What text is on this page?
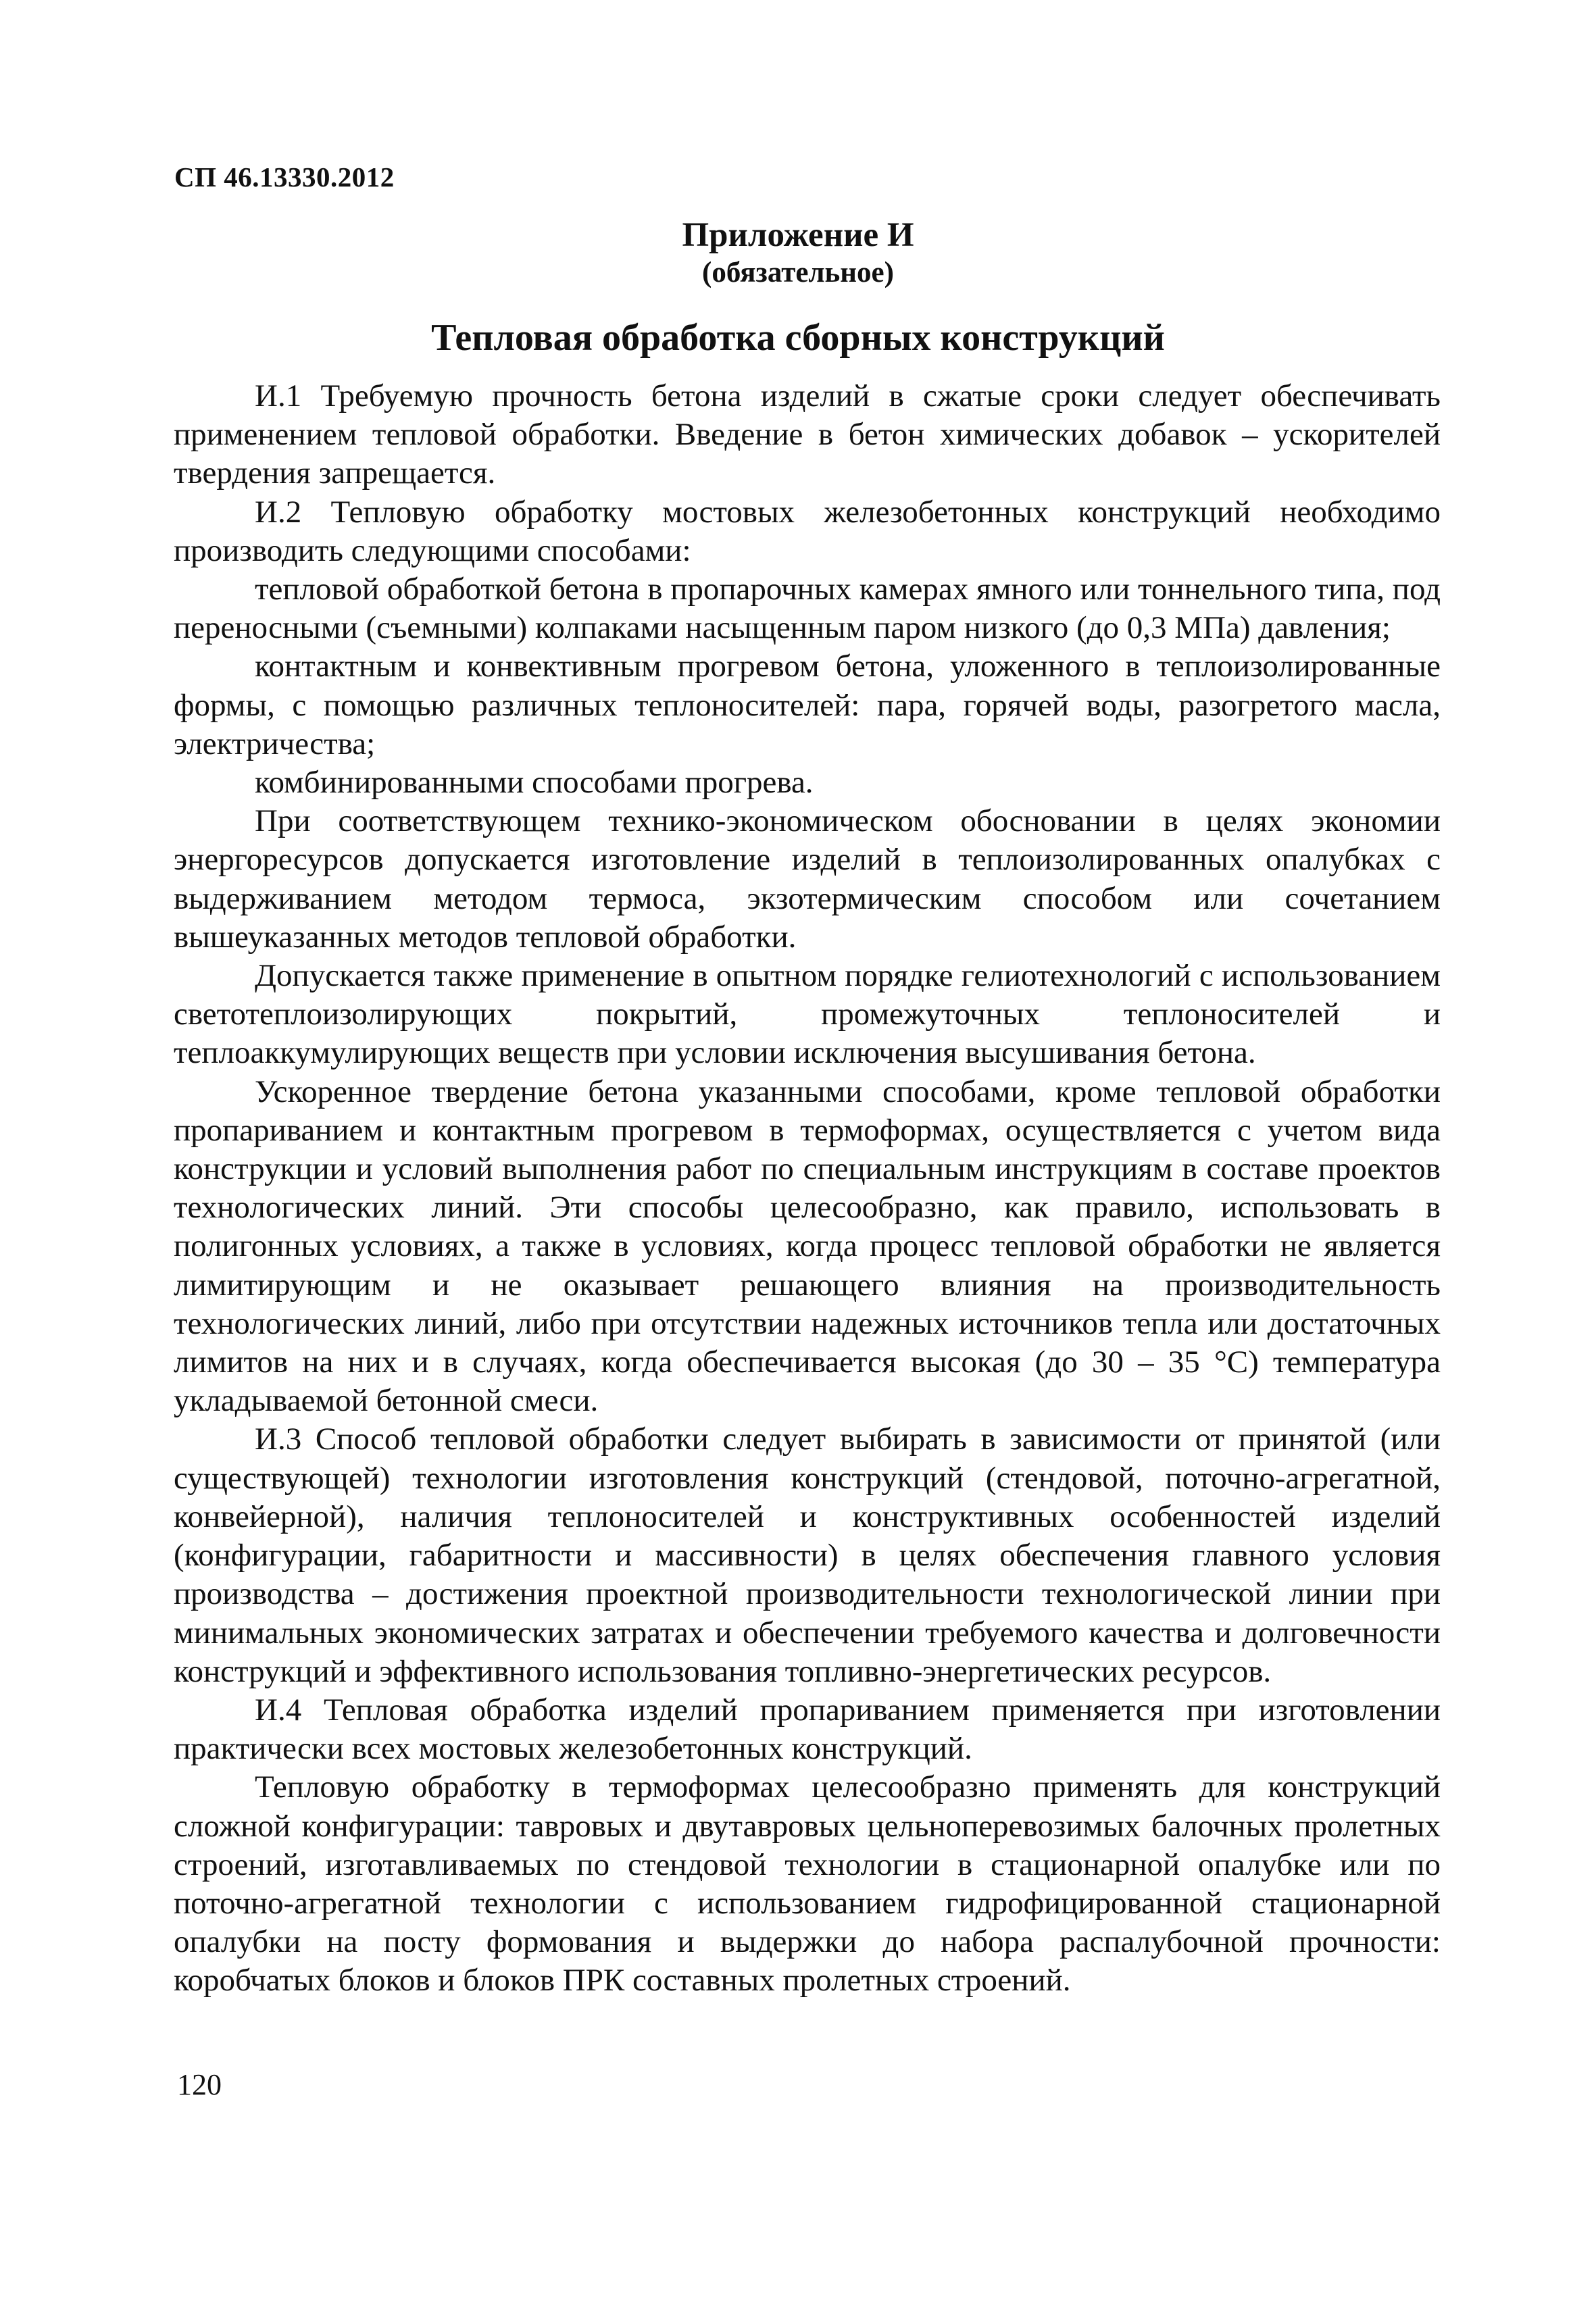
СП 46.13330.2012
Приложение И
(обязательное)
Тепловая обработка сборных конструкций

И.1 Требуемую прочность бетона изделий в сжатые сроки следует обеспечивать применением тепловой обработки. Введение в бетон химических добавок – ускорителей твердения запрещается.

И.2 Тепловую обработку мостовых железобетонных конструкций необходимо производить следующими способами:

тепловой обработкой бетона в пропарочных камерах ямного или тоннельного типа, под переносными (съемными) колпаками насыщенным паром низкого (до 0,3 МПа) давления;

контактным и конвективным прогревом бетона, уложенного в теплоизолированные формы, с помощью различных теплоносителей: пара, горячей воды, разогретого масла, электричества;

комбинированными способами прогрева.

При соответствующем технико-экономическом обосновании в целях экономии энергоресурсов допускается изготовление изделий в теплоизолированных опалубках с выдерживанием методом термоса, экзотермическим способом или сочетанием вышеуказанных методов тепловой обработки.

Допускается также применение в опытном порядке гелиотехнологий с использованием светотеплоизолирующих покрытий, промежуточных теплоносителей и теплоаккумулирующих веществ при условии исключения высушивания бетона.

Ускоренное твердение бетона указанными способами, кроме тепловой обработки пропариванием и контактным прогревом в термоформах, осуществляется с учетом вида конструкции и условий выполнения работ по специальным инструкциям в составе проектов технологических линий. Эти способы целесообразно, как правило, использовать в полигонных условиях, а также в условиях, когда процесс тепловой обработки не является лимитирующим и не оказывает решающего влияния на производительность технологических линий, либо при отсутствии надежных источников тепла или достаточных лимитов на них и в случаях, когда обеспечивается высокая (до 30 – 35 °С) температура укладываемой бетонной смеси.

И.3 Способ тепловой обработки следует выбирать в зависимости от принятой (или существующей) технологии изготовления конструкций (стендовой, поточно-агрегатной, конвейерной), наличия теплоносителей и конструктивных особенностей изделий (конфигурации, габаритности и массивности) в целях обеспечения главного условия производства – достижения проектной производительности технологической линии при минимальных экономических затратах и обеспечении требуемого качества и долговечности конструкций и эффективного использования топливно-энергетических ресурсов.

И.4 Тепловая обработка изделий пропариванием применяется при изготовлении практически всех мостовых железобетонных конструкций.

Тепловую обработку в термоформах целесообразно применять для конструкций сложной конфигурации: тавровых и двутавровых цельноперевозимых балочных пролетных строений, изготавливаемых по стендовой технологии в стационарной опалубке или по поточно-агрегатной технологии с использованием гидрофицированной стационарной опалубки на посту формования и выдержки до набора распалубочной прочности: коробчатых блоков и блоков ПРК составных пролетных строений.

120
